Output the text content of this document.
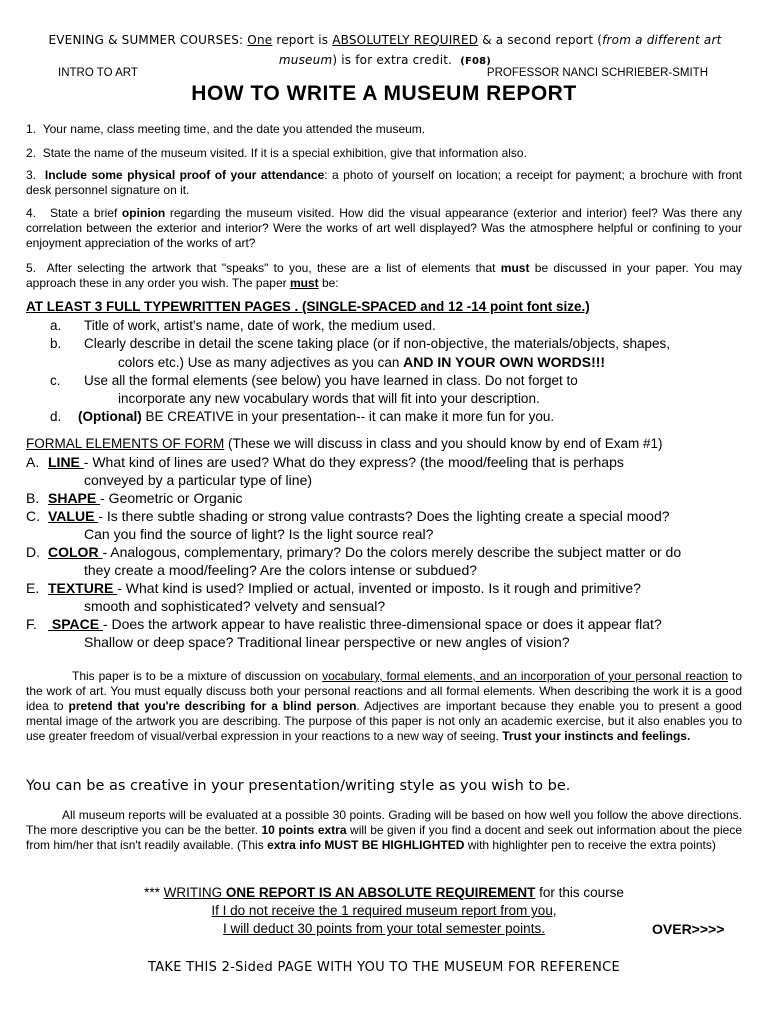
EVENING & SUMMER COURSES: One report is ABSOLUTELY REQUIRED & a second report (from a different art museum) is for extra credit. (F08)
INTRO TO ART	PROFESSOR NANCI SCHRIEBER-SMITH
HOW TO WRITE A MUSEUM REPORT
1. Your name, class meeting time, and the date you attended the museum.
2. State the name of the museum visited. If it is a special exhibition, give that information also.
3. Include some physical proof of your attendance: a photo of yourself on location; a receipt for payment; a brochure with front desk personnel signature on it.
4. State a brief opinion regarding the museum visited. How did the visual appearance (exterior and interior) feel? Was there any correlation between the exterior and interior? Were the works of art well displayed? Was the atmosphere helpful or confining to your enjoyment appreciation of the works of art?
5. After selecting the artwork that "speaks" to you, these are a list of elements that must be discussed in your paper. You may approach these in any order you wish. The paper must be:
AT LEAST 3 FULL TYPEWRITTEN PAGES . (SINGLE-SPACED and 12 -14 point font size.)
a. Title of work, artist's name, date of work, the medium used.
b. Clearly describe in detail the scene taking place (or if non-objective, the materials/objects, shapes,
colors etc.) Use as many adjectives as you can AND IN YOUR OWN WORDS!!!
c. Use all the formal elements (see below) you have learned in class. Do not forget to
incorporate any new vocabulary words that will fit into your description.
d. (Optional) BE CREATIVE in your presentation-- it can make it more fun for you.
FORMAL ELEMENTS OF FORM (These we will discuss in class and you should know by end of Exam #1)
A. LINE - What kind of lines are used? What do they express? (the mood/feeling that is perhaps
conveyed by a particular type of line)
B. SHAPE - Geometric or Organic
C. VALUE - Is there subtle shading or strong value contrasts? Does the lighting create a special mood?
Can you find the source of light? Is the light source real?
D. COLOR - Analogous, complementary, primary? Do the colors merely describe the subject matter or do
they create a mood/feeling? Are the colors intense or subdued?
E. TEXTURE - What kind is used? Implied or actual, invented or imposto. Is it rough and primitive?
smooth and sophisticated? velvety and sensual?
F. SPACE - Does the artwork appear to have realistic three-dimensional space or does it appear flat?
Shallow or deep space? Traditional linear perspective or new angles of vision?
This paper is to be a mixture of discussion on vocabulary, formal elements, and an incorporation of your personal reaction to the work of art. You must equally discuss both your personal reactions and all formal elements. When describing the work it is a good idea to pretend that you're describing for a blind person. Adjectives are important because they enable you to present a good mental image of the artwork you are describing. The purpose of this paper is not only an academic exercise, but it also enables you to use greater freedom of visual/verbal expression in your reactions to a new way of seeing. Trust your instincts and feelings.
You can be as creative in your presentation/writing style as you wish to be.
All museum reports will be evaluated at a possible 30 points. Grading will be based on how well you follow the above directions. The more descriptive you can be the better. 10 points extra will be given if you find a docent and seek out information about the piece from him/her that isn't readily available. (This extra info MUST BE HIGHLIGHTED with highlighter pen to receive the extra points)
*** WRITING ONE REPORT IS AN ABSOLUTE REQUIREMENT for this course
If I do not receive the 1 required museum report from you,
I will deduct 30 points from your total semester points.	OVER>>>>
TAKE THIS 2-Sided PAGE WITH YOU TO THE MUSEUM FOR REFERENCE
